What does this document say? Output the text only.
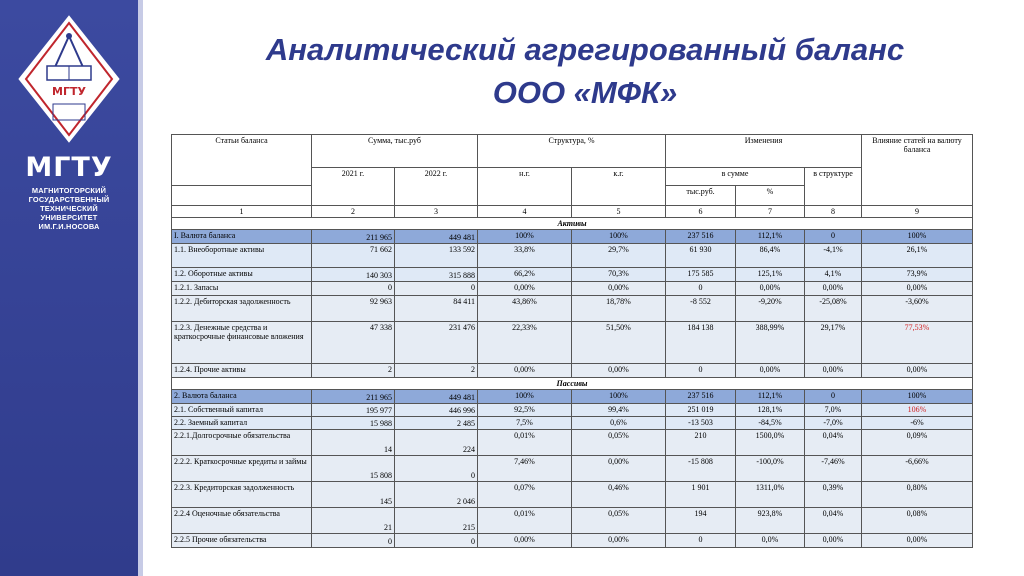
МГТУ
МГТУ
МАГНИТОГОРСКИЙ
ГОСУДАРСТВЕННЫЙ
ТЕХНИЧЕСКИЙ
УНИВЕРСИТЕТ
ИМ.Г.И.НОСОВА
Аналитический агрегированный баланс
ООО «МФК»
Статьи баланса	Сумма, тыс.руб		Структура, %		Изменения			Влияние статей на валюту баланса
	2021 г.	2022 г.	н.г.	к.г.	в сумме		в структуре	
					тыс.руб.	%		
1	2	3	4	5	6	7	8	9
Активы								
I. Валюта баланса	211 965	449 481	100%	100%	237 516	112,1%	0	100%
1.1. Внеоборотные активы	71 662	133 592	33,8%	29,7%	61 930	86,4%	-4,1%	26,1%
1.2. Оборотные активы	140 303	315 888	66,2%	70,3%	175 585	125,1%	4,1%	73,9%
1.2.1. Запасы	0	0	0,00%	0,00%	0	0,00%	0,00%	0,00%
1.2.2. Дебиторская задолженность	92 963	84 411	43,86%	18,78%	-8 552	-9,20%	-25,08%	-3,60%
1.2.3. Денежные средства и краткосрочные финансовые вложения	47 338	231 476	22,33%	51,50%	184 138	388,99%	29,17%	77,53%
1.2.4. Прочие активы	2	2	0,00%	0,00%	0	0,00%	0,00%	0,00%
Пассивы								
2. Валюта баланса	211 965	449 481	100%	100%	237 516	112,1%	0	100%
2.1. Собственный капитал	195 977	446 996	92,5%	99,4%	251 019	128,1%	7,0%	106%
2.2. Заемный капитал	15 988	2 485	7,5%	0,6%	-13 503	-84,5%	-7,0%	-6%
2.2.1.Долгосрочные обязательства	14	224	0,01%	0,05%	210	1500,0%	0,04%	0,09%
2.2.2. Краткосрочные кредиты и займы	15 808	0	7,46%	0,00%	-15 808	-100,0%	-7,46%	-6,66%
2.2.3. Кредиторская задолженность	145	2 046	0,07%	0,46%	1 901	1311,0%	0,39%	0,80%
2.2.4 Оценочные обязательства	21	215	0,01%	0,05%	194	923,8%	0,04%	0,08%
2.2.5 Прочие обязательства	0	0	0,00%	0,00%	0	0,0%	0,00%	0,00%
